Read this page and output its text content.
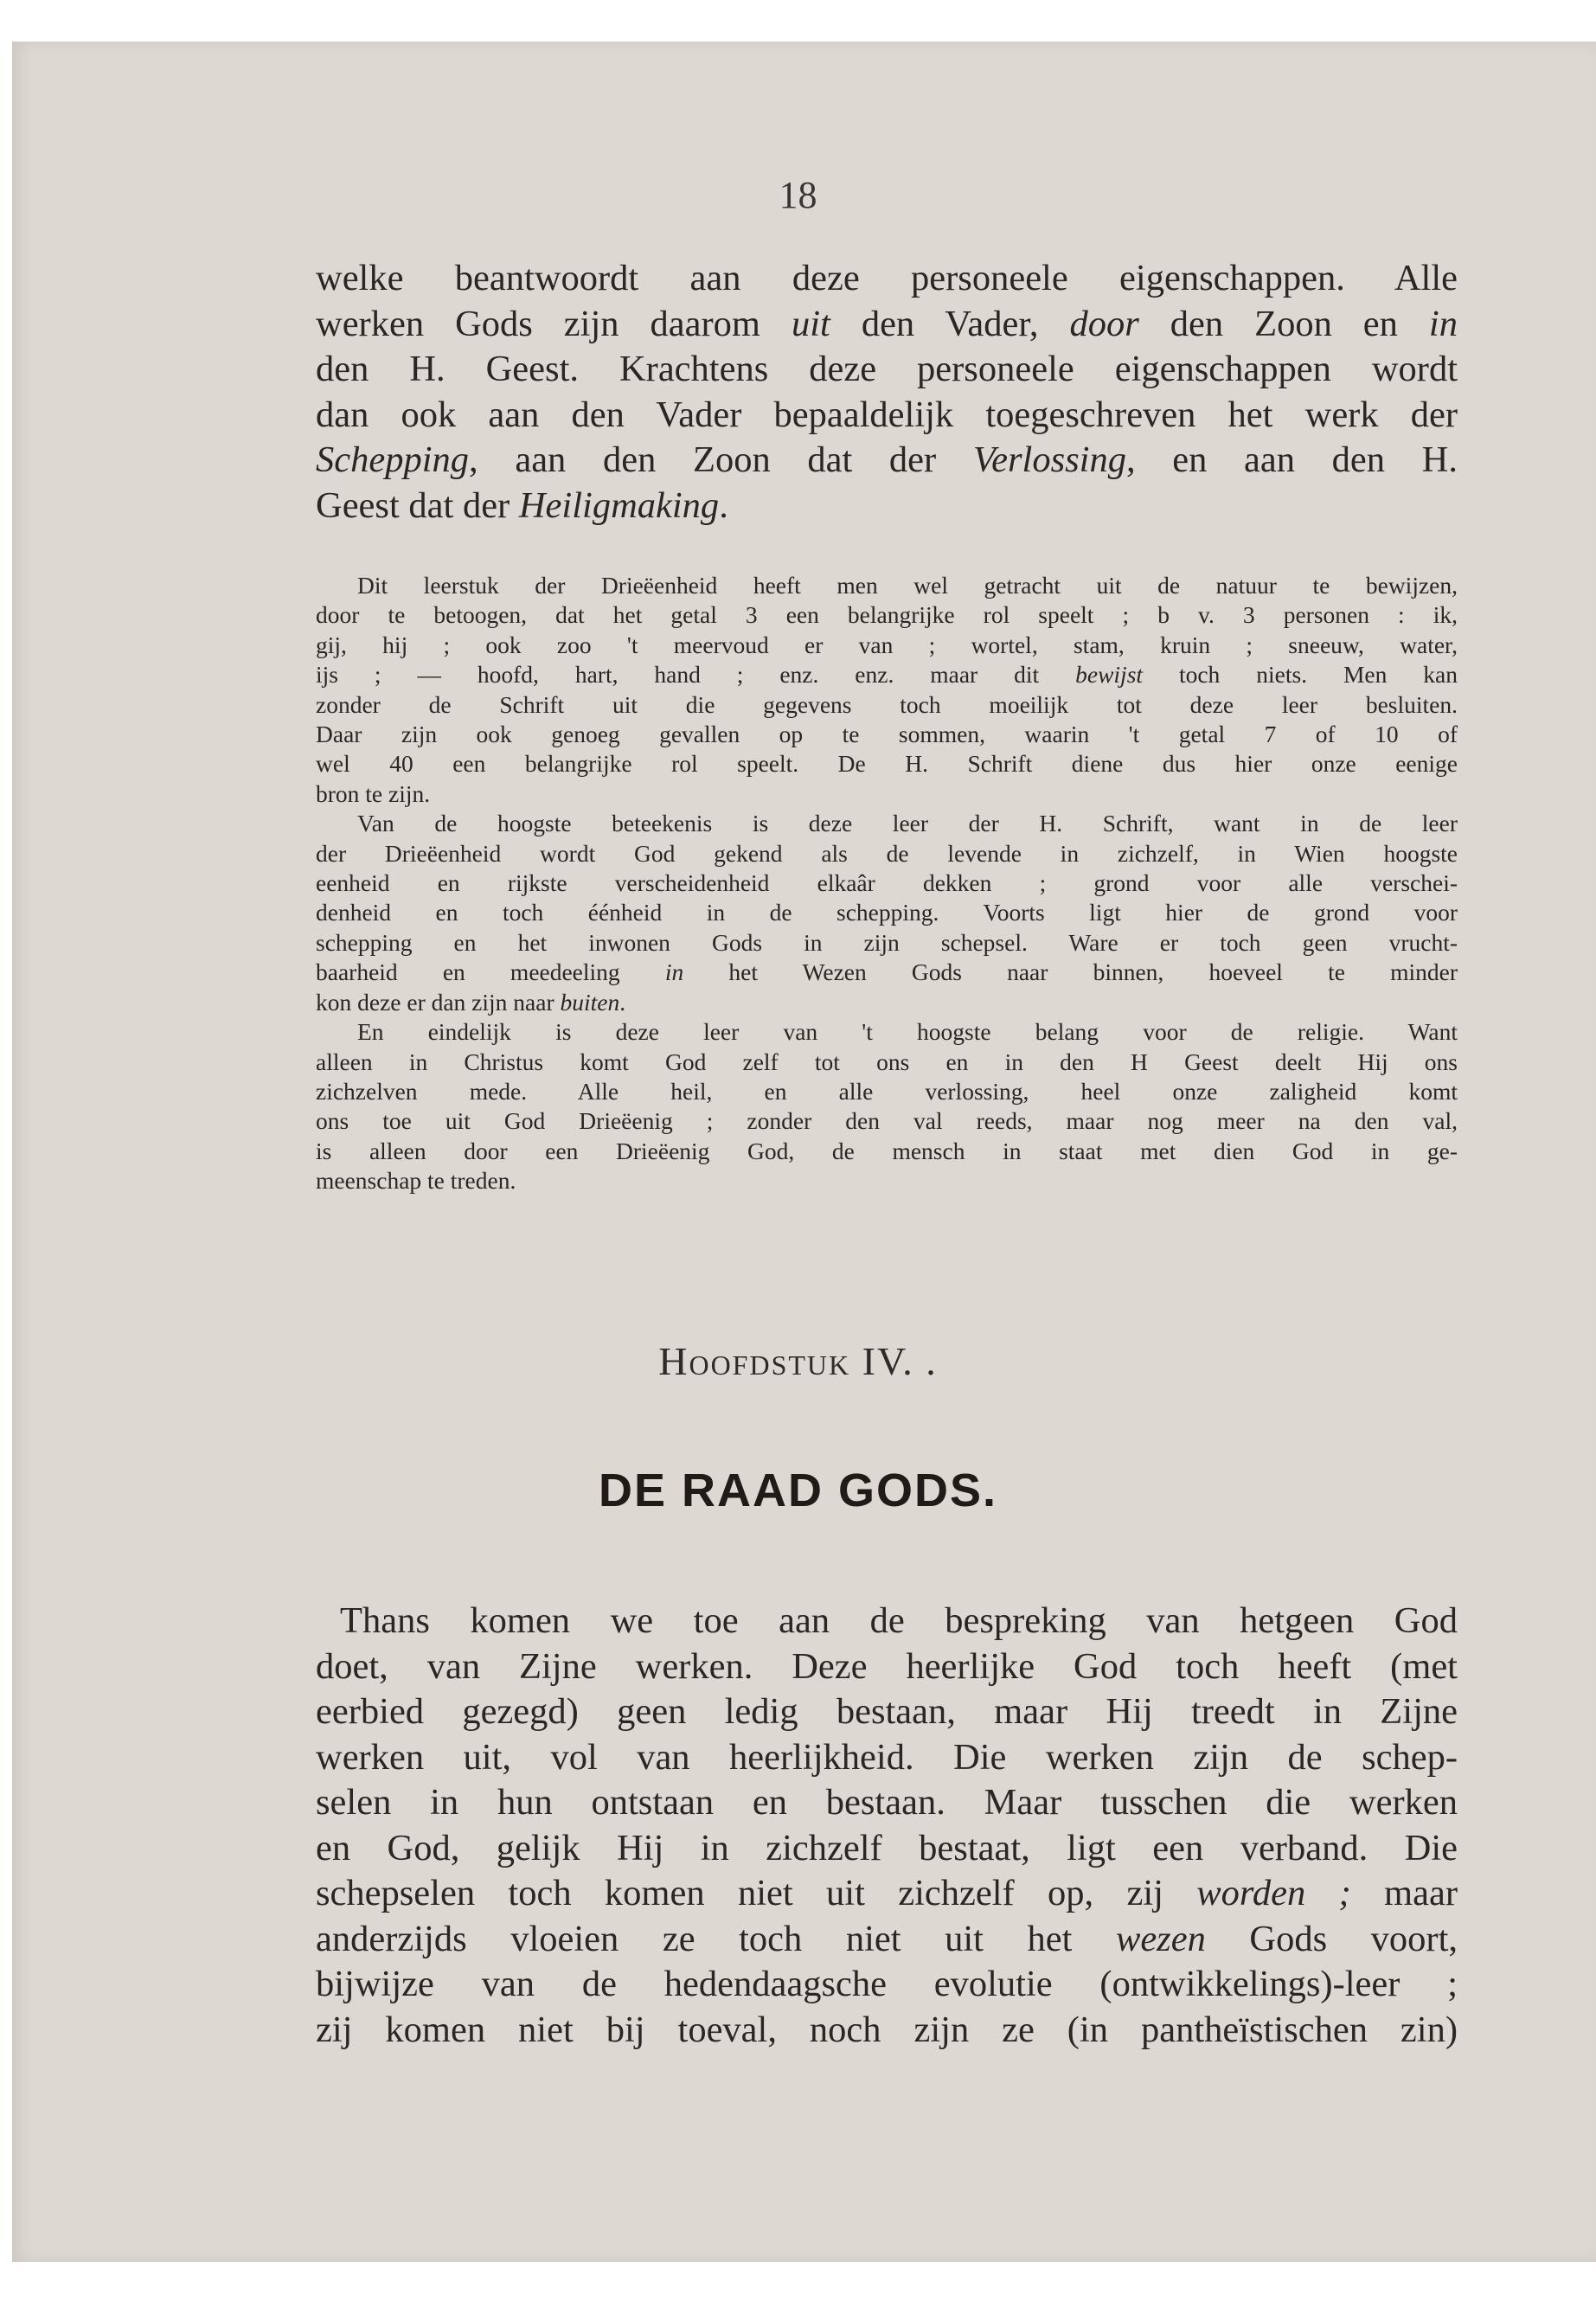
18

welke beantwoordt aan deze personeele eigenschappen. Alle

werken Gods zijn daarom uit den Vader, door den Zoon en in

den H. Geest. Krachtens deze personeele eigenschappen wordt

dan ook aan den Vader bepaaldelijk toegeschreven het werk der

Schepping, aan den Zoon dat der Verlossing, en aan den H.

Geest dat der Heiligmaking.

Dit leerstuk der Drieëenheid heeft men wel getracht uit de natuur te bewijzen,

door te betoogen, dat het getal 3 een belangrijke rol speelt ; b v. 3 personen : ik,

gij, hij ; ook zoo 't meervoud er van ; wortel, stam, kruin ; sneeuw, water,

ijs ; — hoofd, hart, hand ; enz. enz. maar dit bewijst toch niets. Men kan

zonder de Schrift uit die gegevens toch moeilijk tot deze leer besluiten.

Daar zijn ook genoeg gevallen op te sommen, waarin 't getal 7 of 10 of

wel 40 een belangrijke rol speelt. De H. Schrift diene dus hier onze eenige

bron te zijn.

Van de hoogste beteekenis is deze leer der H. Schrift, want in de leer

der Drieëenheid wordt God gekend als de levende in zichzelf, in Wien hoogste

eenheid en rijkste verscheidenheid elkaâr dekken ; grond voor alle verschei-

denheid en toch éénheid in de schepping. Voorts ligt hier de grond voor

schepping en het inwonen Gods in zijn schepsel. Ware er toch geen vrucht-

baarheid en meedeeling in het Wezen Gods naar binnen, hoeveel te minder

kon deze er dan zijn naar buiten.

En eindelijk is deze leer van 't hoogste belang voor de religie. Want

alleen in Christus komt God zelf tot ons en in den H Geest deelt Hij ons

zichzelven mede. Alle heil, en alle verlossing, heel onze zaligheid komt

ons toe uit God Drieëenig ; zonder den val reeds, maar nog meer na den val,

is alleen door een Drieëenig God, de mensch in staat met dien God in ge-

meenschap te treden.

Hoofdstuk IV. .
DE RAAD GODS.

Thans komen we toe aan de bespreking van hetgeen God

doet, van Zijne werken. Deze heerlijke God toch heeft (met

eerbied gezegd) geen ledig bestaan, maar Hij treedt in Zijne

werken uit, vol van heerlijkheid. Die werken zijn de schep-

selen in hun ontstaan en bestaan. Maar tusschen die werken

en God, gelijk Hij in zichzelf bestaat, ligt een verband. Die

schepselen toch komen niet uit zichzelf op, zij worden ; maar

anderzijds vloeien ze toch niet uit het wezen Gods voort,

bijwijze van de hedendaagsche evolutie (ontwikkelings)-leer ;

zij komen niet bij toeval, noch zijn ze (in pantheïstischen zin)
